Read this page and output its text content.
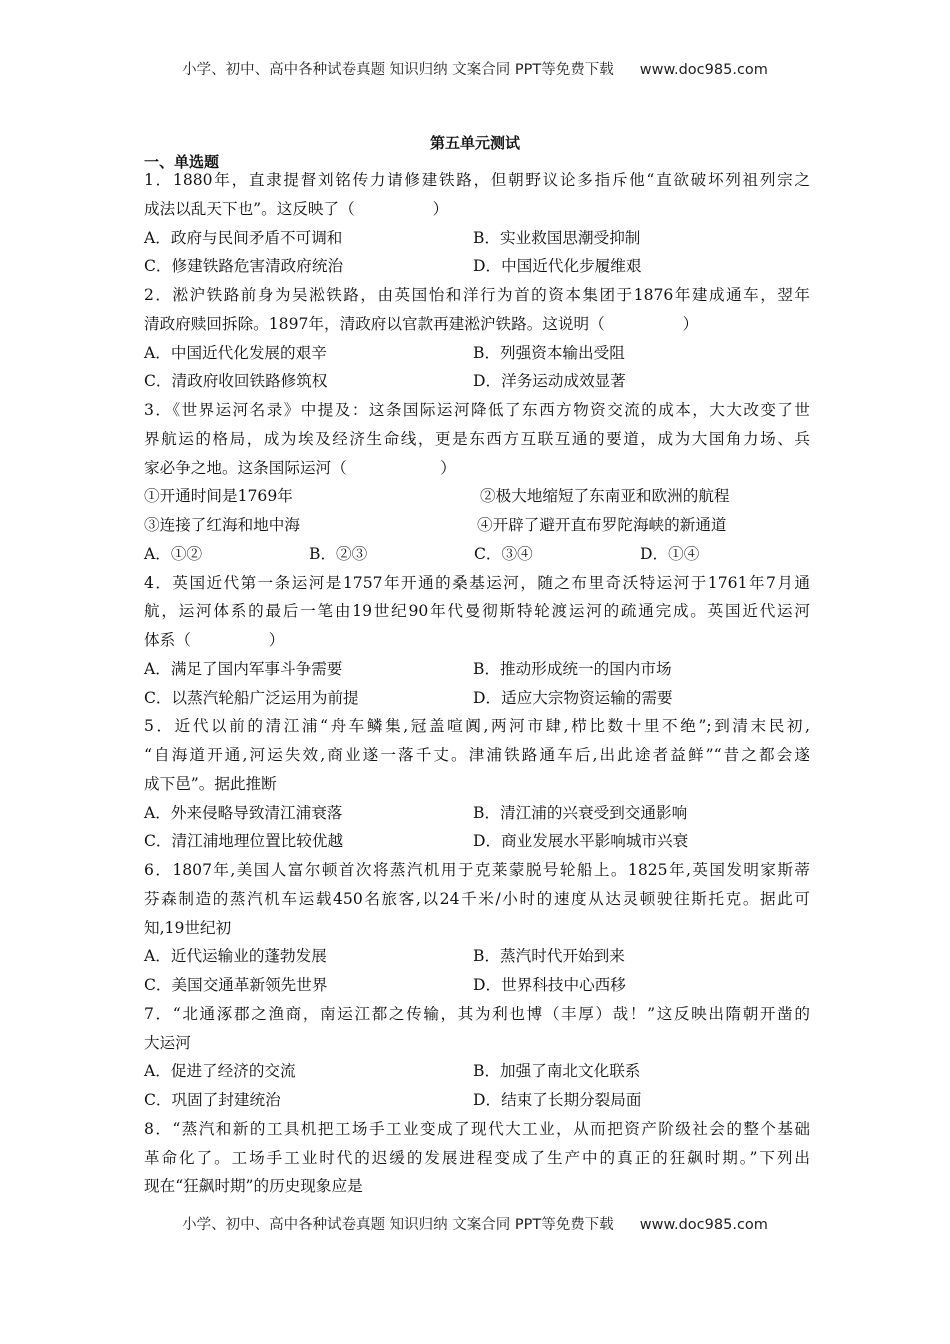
小学、初中、高中各种试卷真题 知识归纳 文案合同 PPT等免费下载 www.doc985.com
第五单元测试
一、单选题
1．1880年，直隶提督刘铭传力请修建铁路，但朝野议论多指斥他“直欲破坏列祖列宗之
成法以乱天下也”。这反映了（　　　　　）
A．政府与民间矛盾不可调和	B．实业救国思潮受抑制
C．修建铁路危害清政府统治	D．中国近代化步履维艰
2．淞沪铁路前身为吴淞铁路，由英国怡和洋行为首的资本集团于1876年建成通车，翌年
清政府赎回拆除。1897年，清政府以官款再建淞沪铁路。这说明（　　　　　）
A．中国近代化发展的艰辛	B．列强资本输出受阻
C．清政府收回铁路修筑权	D．洋务运动成效显著
3．《世界运河名录》中提及：这条国际运河降低了东西方物资交流的成本，大大改变了世
界航运的格局，成为埃及经济生命线，更是东西方互联互通的要道，成为大国角力场、兵
家必争之地。这条国际运河（　　　　　　）
①开通时间是1769年	②极大地缩短了东南亚和欧洲的航程
③连接了红海和地中海	④开辟了避开直布罗陀海峡的新通道
A．①②	B．②③	C．③④	D．①④
4．英国近代第一条运河是1757年开通的桑基运河，随之布里奇沃特运河于1761年7月通
航，运河体系的最后一笔由19世纪90年代曼彻斯特轮渡运河的疏通完成。英国近代运河
体系（　　　　　）
A．满足了国内军事斗争需要	B．推动形成统一的国内市场
C．以蒸汽轮船广泛运用为前提	D．适应大宗物资运输的需要
5．近代以前的清江浦“舟车鳞集,冠盖喧阗,两河市肆,栉比数十里不绝”;到清末民初,
“自海道开通,河运失效,商业遂一落千丈。津浦铁路通车后,出此途者益鲜”“昔之都会遂
成下邑”。据此推断
A．外来侵略导致清江浦衰落	B．清江浦的兴衰受到交通影响
C．清江浦地理位置比较优越	D．商业发展水平影响城市兴衰
6．1807年,美国人富尔顿首次将蒸汽机用于克莱蒙脱号轮船上。1825年,英国发明家斯蒂
芬森制造的蒸汽机车运载450名旅客,以24千米/小时的速度从达灵顿驶往斯托克。据此可
知,19世纪初
A．近代运输业的蓬勃发展	B．蒸汽时代开始到来
C．美国交通革新领先世界	D．世界科技中心西移
7．“北通涿郡之渔商，南运江都之传输，其为利也博（丰厚）哉！”这反映出隋朝开凿的
大运河
A．促进了经济的交流	B．加强了南北文化联系
C．巩固了封建统治	D．结束了长期分裂局面
8．“蒸汽和新的工具机把工场手工业变成了现代大工业，从而把资产阶级社会的整个基础
革命化了。工场手工业时代的迟缓的发展进程变成了生产中的真正的狂飙时期。”下列出
现在“狂飙时期”的历史现象应是
小学、初中、高中各种试卷真题 知识归纳 文案合同 PPT等免费下载 www.doc985.com
